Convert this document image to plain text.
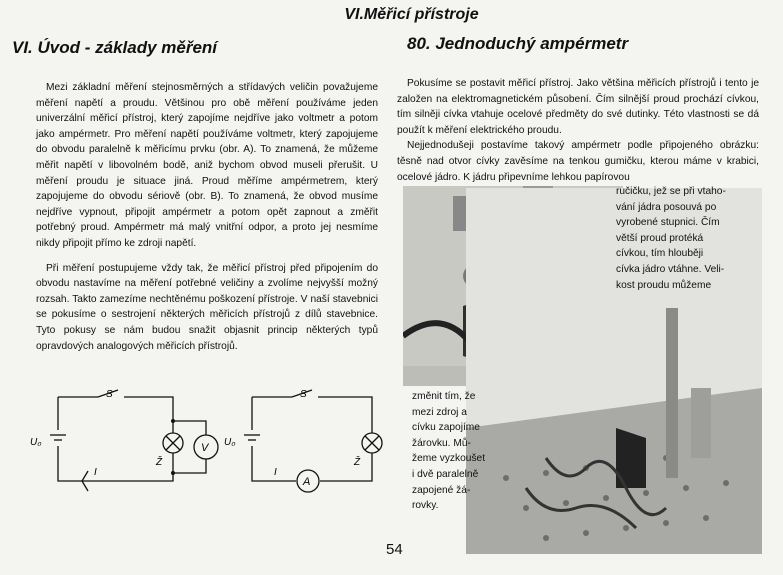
VI.Měřicí přístroje
VI. Úvod - základy měření	80. Jednoduchý ampérmetr

Mezi základní měření stejnosměrných a střídavých veličin považujeme měření napětí a proudu. Většinou pro obě měření používáme jeden univerzální měřicí přístroj, který zapojíme nejdříve jako voltmetr a potom jako ampérmetr. Pro měření napětí používáme voltmetr, který zapojujeme do obvodu paralelně k měřicímu prvku (obr. A). To znamená, že můžeme měřit napětí v libovolném bodě, aniž bychom obvod museli přerušit. U měření proudu je situace jiná. Proud měříme ampérmetrem, který zapojujeme do obvodu sériově (obr. B). To znamená, že obvod musíme nejdříve vypnout, připojit ampérmetr a potom opět zapnout a změřit potřebný proud. Ampérmetr má malý vnitřní odpor, a proto jej nesmíme nikdy připojit přímo ke zdroji napětí.

Při měření postupujeme vždy tak, že měřicí přístroj před připojením do obvodu nastavíme na měření potřebné veličiny a zvolíme nejvyšší možný rozsah. Takto zamezíme nechtěnému poškození přístroje. V naší stavebnici se pokusíme o sestrojení některých měřicích přístrojů z dílů stavebnice. Tyto pokusy se nám budou snažit objasnit princip některých typů opravdových analogových měřicích přístrojů.

Pokusíme se postavit měřicí přístroj. Jako většina měřicích přístrojů i tento je založen na elektromagnetickém působení. Čím silnější proud prochází cívkou, tím silněji cívka vtahuje ocelové předměty do své dutinky. Této vlastnosti se dá použít k měření elektrického proudu.

Nejjednodušeji postavíme takový ampérmetr podle připojeného obrázku: těsně nad otvor cívky zavěsíme na tenkou gumičku, kterou máme v krabici, ocelové jádro. K jádru připevníme lehkou papírovou

ručičku, jež se při vtaho-
vání jádra posouvá po
vyrobené stupnici. Čím
větší proud protéká
cívkou, tím hlouběji
cívka jádro vtáhne. Veli-
kost proudu můžeme
změnit tím, že
mezi zdroj a
cívku zapojíme
žárovku. Mů-
žeme vyzkoušet
i dvě paralelně
zapojené žá-
rovky.
S
U₀
Ž
I
V
S
U₀
Ž
I
A
54
